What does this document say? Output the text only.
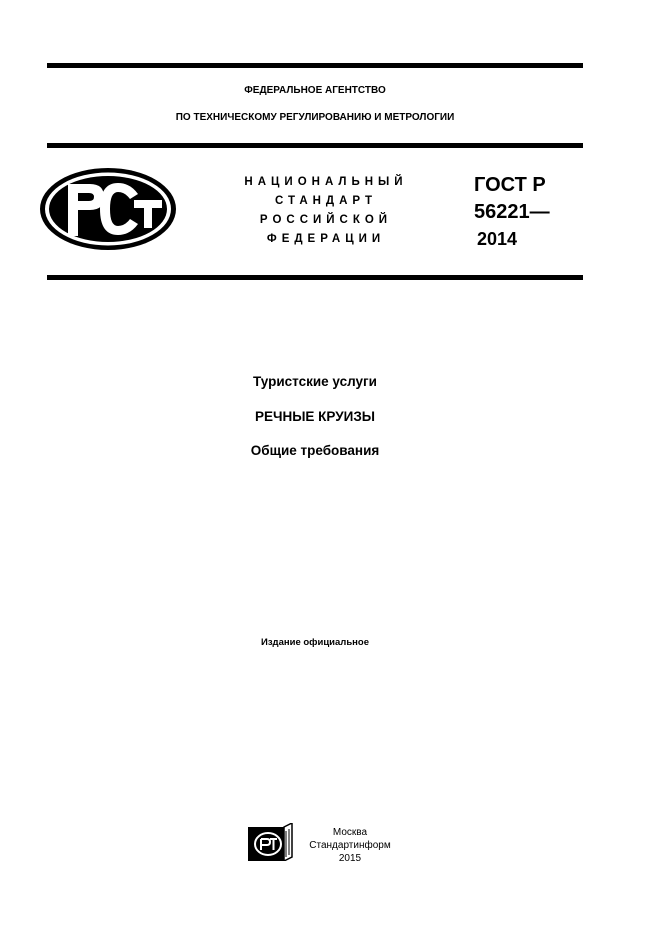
ФЕДЕРАЛЬНОЕ АГЕНТСТВО
ПО ТЕХНИЧЕСКОМУ РЕГУЛИРОВАНИЮ И МЕТРОЛОГИИ
НАЦИОНАЛЬНЫЙ
СТАНДАРТ
РОССИЙСКОЙ
ФЕДЕРАЦИИ
ГОСТ Р
56221—
2014
Туристские услуги
РЕЧНЫЕ КРУИЗЫ
Общие требования
Издание официальное
Москва
Стандартинформ
2015
